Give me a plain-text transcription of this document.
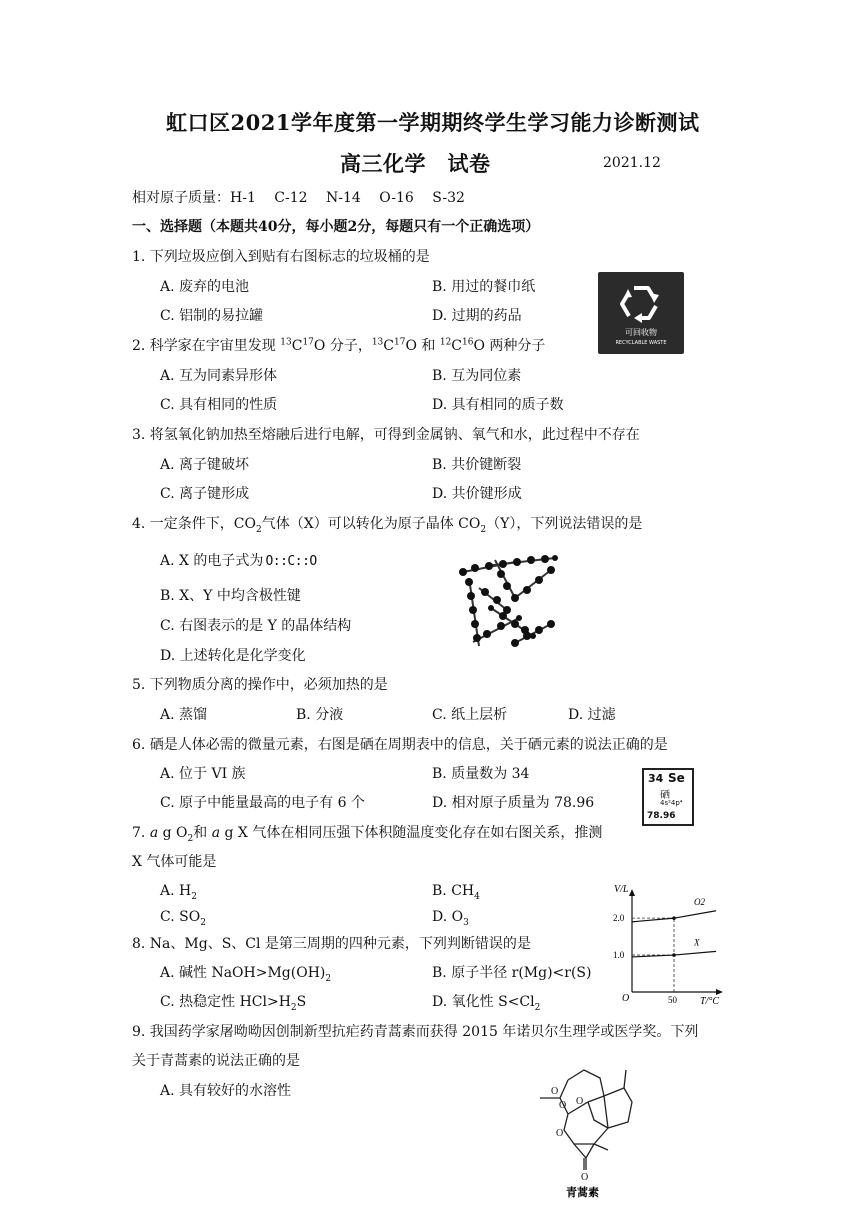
虹口区2021学年度第一学期期终学生学习能力诊断测试
高三化学　试卷	2021.12
相对原子质量：H-1　 C-12　 N-14　 O-16　 S-32
一、选择题（本题共40分，每小题2分，每题只有一个正确选项）
1. 下列垃圾应倒入到贴有右图标志的垃圾桶的是
A. 废弃的电池	B. 用过的餐巾纸
C. 铝制的易拉罐	D. 过期的药品
可回收物
RECYCLABLE WASTE
2. 科学家在宇宙里发现 $^{13}C^{17}O$ 分子，$^{13}C^{17}O$ 和 $^{12}C^{16}O$ 两种分子
A. 互为同素异形体	B. 互为同位素
C. 具有相同的性质	D. 具有相同的质子数
3. 将氢氧化钠加热至熔融后进行电解，可得到金属钠、氧气和水，此过程中不存在
A. 离子键破坏	B. 共价键断裂
C. 离子键形成	D. 共价键形成
4. 一定条件下，$CO_2$气体（X）可以转化为原子晶体 $CO_2(Y)$，下列说法错误的是
A. X 的电子式为 O::C::O
B. X、Y 中均含极性键
C. 右图表示的是 Y 的晶体结构
D. 上述转化是化学变化
5. 下列物质分离的操作中，必须加热的是
A. 蒸馏	B. 分液	C. 纸上层析	D. 过滤
6. 硒是人体必需的微量元素，右图是硒在周期表中的信息，关于硒元素的说法正确的是
A. 位于 VI 族	B. 质量数为 34
C. 原子中能量最高的电子有 6 个	D. 相对原子质量为 78.96
34 Se
硒
4s²4p⁴
78.96
7. a g $O_2$和 a g X 气体在相同压强下体积随温度变化存在如右图关系，推测
X 气体可能是
A. $H_2$	B. $CH_4$
C. $SO_2$	D. $O_3$
V/L
T/°C
O
1.0
2.0
50
O2
X
8. Na、Mg、S、Cl 是第三周期的四种元素，下列判断错误的是
A. 碱性 $NaOH>Mg(OH)_2$	B. 原子半径 r(Mg)<r(S)
C. 热稳定性 $HCl>H_2S$	D. 氧化性 $S<Cl_2$
9. 我国药学家屠呦呦因创制新型抗疟药青蒿素而获得 2015 年诺贝尔生理学或医学奖。下列
关于青蒿素的说法正确的是
A. 具有较好的水溶性	O
O O
O
O
青蒿素
